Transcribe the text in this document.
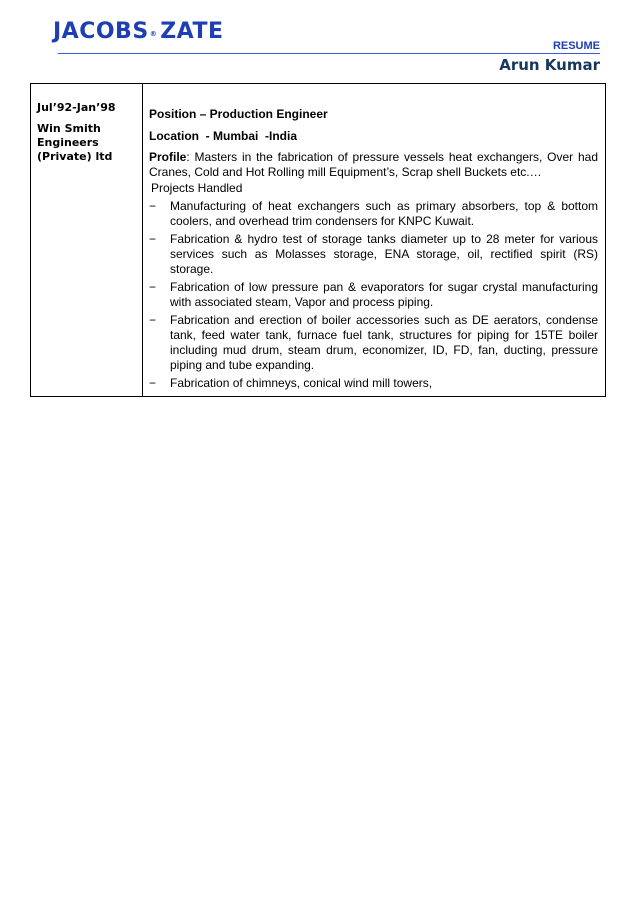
JACOBS® ZATE
RESUME
Arun Kumar
Jul’92-Jan’98
Win Smith Engineers (Private) ltd
Position – Production Engineer
Location  - Mumbai  -India
Profile: Masters in the fabrication of pressure vessels heat exchangers, Over had Cranes, Cold and Hot Rolling mill Equipment’s, Scrap shell Buckets etc.…
Projects Handled
− Manufacturing of heat exchangers such as primary absorbers, top & bottom coolers, and overhead trim condensers for KNPC Kuwait.
− Fabrication & hydro test of storage tanks diameter up to 28 meter for various services such as Molasses storage, ENA storage, oil, rectified spirit (RS) storage.
− Fabrication of low pressure pan & evaporators for sugar crystal manufacturing with associated steam, Vapor and process piping.
− Fabrication and erection of boiler accessories such as DE aerators, condense tank, feed water tank, furnace fuel tank, structures for piping for 15TE boiler including mud drum, steam drum, economizer, ID, FD, fan, ducting, pressure piping and tube expanding.
− Fabrication of chimneys, conical wind mill towers,
